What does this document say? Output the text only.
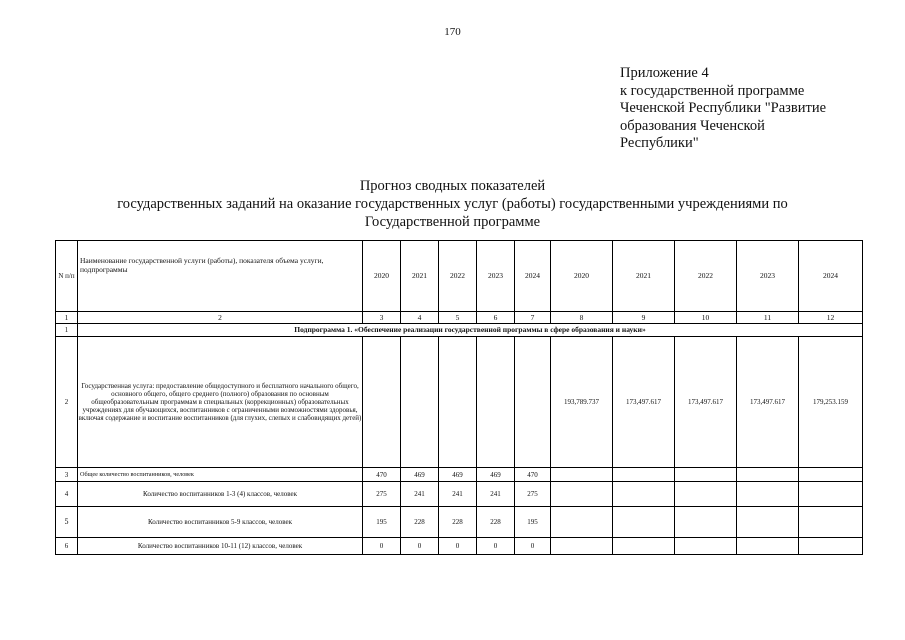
170
Приложение 4
к государственной программе
Чеченской Республики "Развитие
образования Чеченской
Республики"
Прогноз сводных показателей
государственных заданий на оказание государственных услуг (работы) государственными учреждениями по
Государственной программе
N п/п	Наименование государственной услуги (работы), показателя объема услуги, подпрограммы	2020	2021	2022	2023	2024	2020	2021	2022	2023	2024
1	2	3	4	5	6	7	8	9	10	11	12
1	Подпрограмма 1. «Обеспечение реализации государственной программы в сфере образования и науки»										
2	Государственная услуга: предоставление общедоступного и бесплатного начального общего, основного общего, общего среднего (полного) образования по основным общеобразовательным программам в специальных (коррекционных) образовательных учреждениях для обучающихся, воспитанников с ограниченными возможностями здоровья, включая содержание и воспитание воспитанников (для глухих, слепых и слабовидящих детей)						193,789.737	173,497.617	173,497.617	173,497.617	179,253.159
3	Общее количество воспитанников, человек	470	469	469	469	470					
4	Количество воспитанников 1-3 (4) классов, человек	275	241	241	241	275					
5	Количество воспитанников 5-9 классов, человек	195	228	228	228	195					
6	Количество воспитанников 10-11 (12) классов, человек	0	0	0	0	0					
